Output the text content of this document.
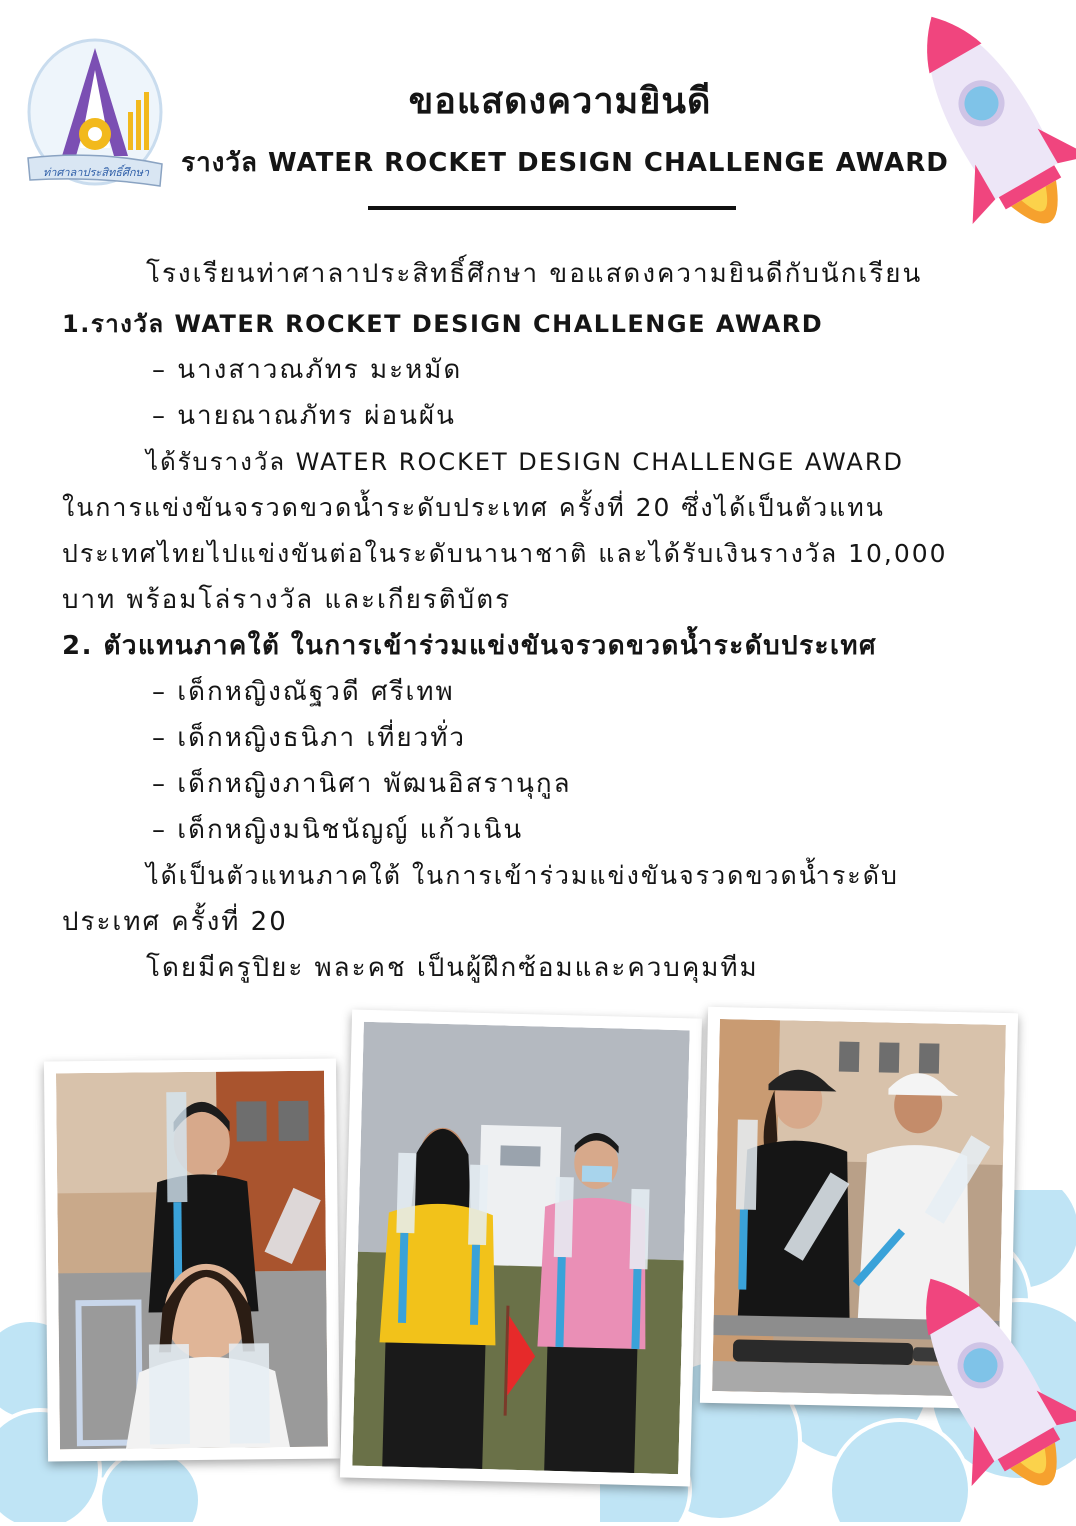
ท่าศาลาประสิทธิ์ศึกษา
ขอแสดงความยินดี
รางวัล WATER ROCKET DESIGN CHALLENGE AWARD
โรงเรียนท่าศาลาประสิทธิ์ศึกษา ขอแสดงความยินดีกับนักเรียน
1.รางวัล WATER ROCKET DESIGN CHALLENGE AWARD
– นางสาวณภัทร มะหมัด
– นายณาณภัทร ผ่อนผัน
ได้รับรางวัล WATER ROCKET DESIGN CHALLENGE AWARD
ในการแข่งขันจรวดขวดน้ำระดับประเทศ ครั้งที่ 20 ซึ่งได้เป็นตัวแทน
ประเทศไทยไปแข่งขันต่อในระดับนานาชาติ และได้รับเงินรางวัล 10,000
บาท พร้อมโล่รางวัล และเกียรติบัตร
2. ตัวแทนภาคใต้ ในการเข้าร่วมแข่งขันจรวดขวดน้ำระดับประเทศ
– เด็กหญิงณัฐวดี ศรีเทพ
– เด็กหญิงธนิภา เที่ยวทั่ว
– เด็กหญิงภานิศา พัฒนอิสรานุกูล
– เด็กหญิงมนิชนัญญ์ แก้วเนิน
ได้เป็นตัวแทนภาคใต้ ในการเข้าร่วมแข่งขันจรวดขวดน้ำระดับ
ประเทศ ครั้งที่ 20
โดยมีครูปิยะ พละคช เป็นผู้ฝึกซ้อมและควบคุมทีม
